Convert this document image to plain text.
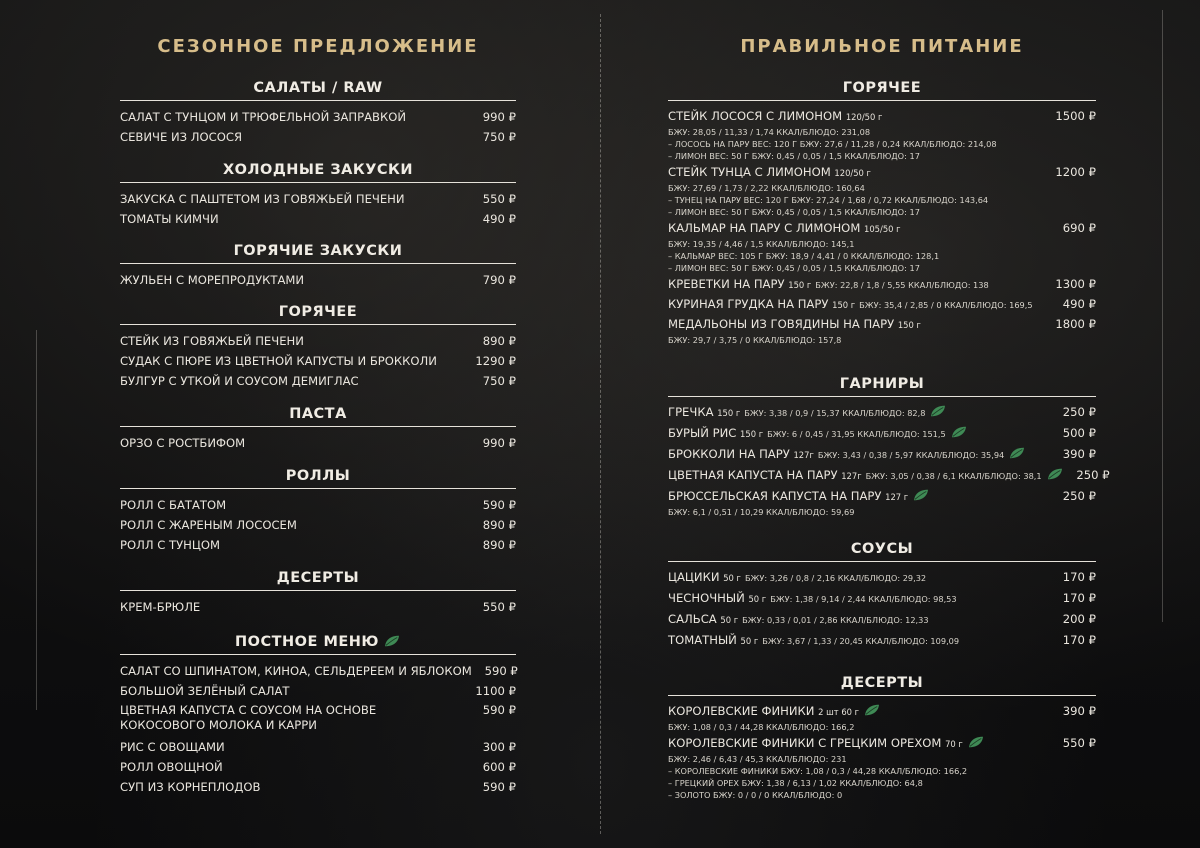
СЕЗОННОЕ ПРЕДЛОЖЕНИЕ
САЛАТЫ / RAW
САЛАТ С ТУНЦОМ И ТРЮФЕЛЬНОЙ ЗАПРАВКОЙ	990 ₽
СЕВИЧЕ ИЗ ЛОСОСЯ	750 ₽
ХОЛОДНЫЕ ЗАКУСКИ
ЗАКУСКА С ПАШТЕТОМ ИЗ ГОВЯЖЬЕЙ ПЕЧЕНИ	550 ₽
ТОМАТЫ КИМЧИ	490 ₽
ГОРЯЧИЕ ЗАКУСКИ
ЖУЛЬЕН С МОРЕПРОДУКТАМИ	790 ₽
ГОРЯЧЕЕ
СТЕЙК ИЗ ГОВЯЖЬЕЙ ПЕЧЕНИ	890 ₽
СУДАК С ПЮРЕ ИЗ ЦВЕТНОЙ КАПУСТЫ И БРОККОЛИ	1290 ₽
БУЛГУР С УТКОЙ И СОУСОМ ДЕМИГЛАС	750 ₽
ПАСТА
ОРЗО С РОСТБИФОМ	990 ₽
РОЛЛЫ
РОЛЛ С БАТАТОМ	590 ₽
РОЛЛ С ЖАРЕНЫМ ЛОСОСЕМ	890 ₽
РОЛЛ С ТУНЦОМ	890 ₽
ДЕСЕРТЫ
КРЕМ-БРЮЛЕ	550 ₽
ПОСТНОЕ МЕНЮ
САЛАТ СО ШПИНАТОМ, КИНОА, СЕЛЬДЕРЕЕМ И ЯБЛОКОМ	590 ₽
БОЛЬШОЙ ЗЕЛЁНЫЙ САЛАТ	1100 ₽
ЦВЕТНАЯ КАПУСТА С СОУСОМ НА ОСНОВЕ КОКОСОВОГО МОЛОКА И КАРРИ
590 ₽
РИС С ОВОЩАМИ	300 ₽
РОЛЛ ОВОЩНОЙ	600 ₽
СУП ИЗ КОРНЕПЛОДОВ	590 ₽
ПРАВИЛЬНОЕ ПИТАНИЕ
ГОРЯЧЕЕ
СТЕЙК ЛОСОСЯ С ЛИМОНОМ 120/50 г	1500 ₽
БЖУ: 28,05 / 11,33 / 1,74 ККАЛ/БЛЮДО: 231,08
– ЛОСОСЬ НА ПАРУ ВЕС: 120 Г БЖУ: 27,6 / 11,28 / 0,24 ККАЛ/БЛЮДО: 214,08
– ЛИМОН ВЕС: 50 Г БЖУ: 0,45 / 0,05 / 1,5 ККАЛ/БЛЮДО: 17
СТЕЙК ТУНЦА С ЛИМОНОМ 120/50 г	1200 ₽
БЖУ: 27,69 / 1,73 / 2,22 ККАЛ/БЛЮДО: 160,64
– ТУНЕЦ НА ПАРУ ВЕС: 120 Г БЖУ: 27,24 / 1,68 / 0,72 ККАЛ/БЛЮДО: 143,64
– ЛИМОН ВЕС: 50 Г БЖУ: 0,45 / 0,05 / 1,5 ККАЛ/БЛЮДО: 17
КАЛЬМАР НА ПАРУ С ЛИМОНОМ 105/50 г	690 ₽
БЖУ: 19,35 / 4,46 / 1,5 ККАЛ/БЛЮДО: 145,1
– КАЛЬМАР ВЕС: 105 Г БЖУ: 18,9 / 4,41 / 0 ККАЛ/БЛЮДО: 128,1
– ЛИМОН ВЕС: 50 Г БЖУ: 0,45 / 0,05 / 1,5 ККАЛ/БЛЮДО: 17
КРЕВЕТКИ НА ПАРУ 150 г БЖУ: 22,8 / 1,8 / 5,55 ККАЛ/БЛЮДО: 138	1300 ₽
КУРИНАЯ ГРУДКА НА ПАРУ 150 г БЖУ: 35,4 / 2,85 / 0 ККАЛ/БЛЮДО: 169,5	490 ₽
МЕДАЛЬОНЫ ИЗ ГОВЯДИНЫ НА ПАРУ 150 г	1800 ₽
БЖУ: 29,7 / 3,75 / 0 ККАЛ/БЛЮДО: 157,8
ГАРНИРЫ
ГРЕЧКА 150 г БЖУ: 3,38 / 0,9 / 15,37 ККАЛ/БЛЮДО: 82,8	250 ₽
БУРЫЙ РИС 150 г БЖУ: 6 / 0,45 / 31,95 ККАЛ/БЛЮДО: 151,5	500 ₽
БРОККОЛИ НА ПАРУ 127г БЖУ: 3,43 / 0,38 / 5,97 ККАЛ/БЛЮДО: 35,94	390 ₽
ЦВЕТНАЯ КАПУСТА НА ПАРУ 127г БЖУ: 3,05 / 0,38 / 6,1 ККАЛ/БЛЮДО: 38,1	250 ₽
БРЮССЕЛЬСКАЯ КАПУСТА НА ПАРУ 127 г	250 ₽
БЖУ: 6,1 / 0,51 / 10,29 ККАЛ/БЛЮДО: 59,69
СОУСЫ
ЦАЦИКИ 50 г БЖУ: 3,26 / 0,8 / 2,16 ККАЛ/БЛЮДО: 29,32	170 ₽
ЧЕСНОЧНЫЙ 50 г БЖУ: 1,38 / 9,14 / 2,44 ККАЛ/БЛЮДО: 98,53	170 ₽
САЛЬСА 50 г БЖУ: 0,33 / 0,01 / 2,86 ККАЛ/БЛЮДО: 12,33	200 ₽
ТОМАТНЫЙ 50 г БЖУ: 3,67 / 1,33 / 20,45 ККАЛ/БЛЮДО: 109,09	170 ₽
ДЕСЕРТЫ
КОРОЛЕВСКИЕ ФИНИКИ 2 шт 60 г	390 ₽
БЖУ: 1,08 / 0,3 / 44,28 ККАЛ/БЛЮДО: 166,2
КОРОЛЕВСКИЕ ФИНИКИ С ГРЕЦКИМ ОРЕХОМ 70 г	550 ₽
БЖУ: 2,46 / 6,43 / 45,3 ККАЛ/БЛЮДО: 231
– КОРОЛЕВСКИЕ ФИНИКИ БЖУ: 1,08 / 0,3 / 44,28 ККАЛ/БЛЮДО: 166,2
– ГРЕЦКИЙ ОРЕХ БЖУ: 1,38 / 6,13 / 1,02 ККАЛ/БЛЮДО: 64,8
– ЗОЛОТО БЖУ: 0 / 0 / 0 ККАЛ/БЛЮДО: 0
